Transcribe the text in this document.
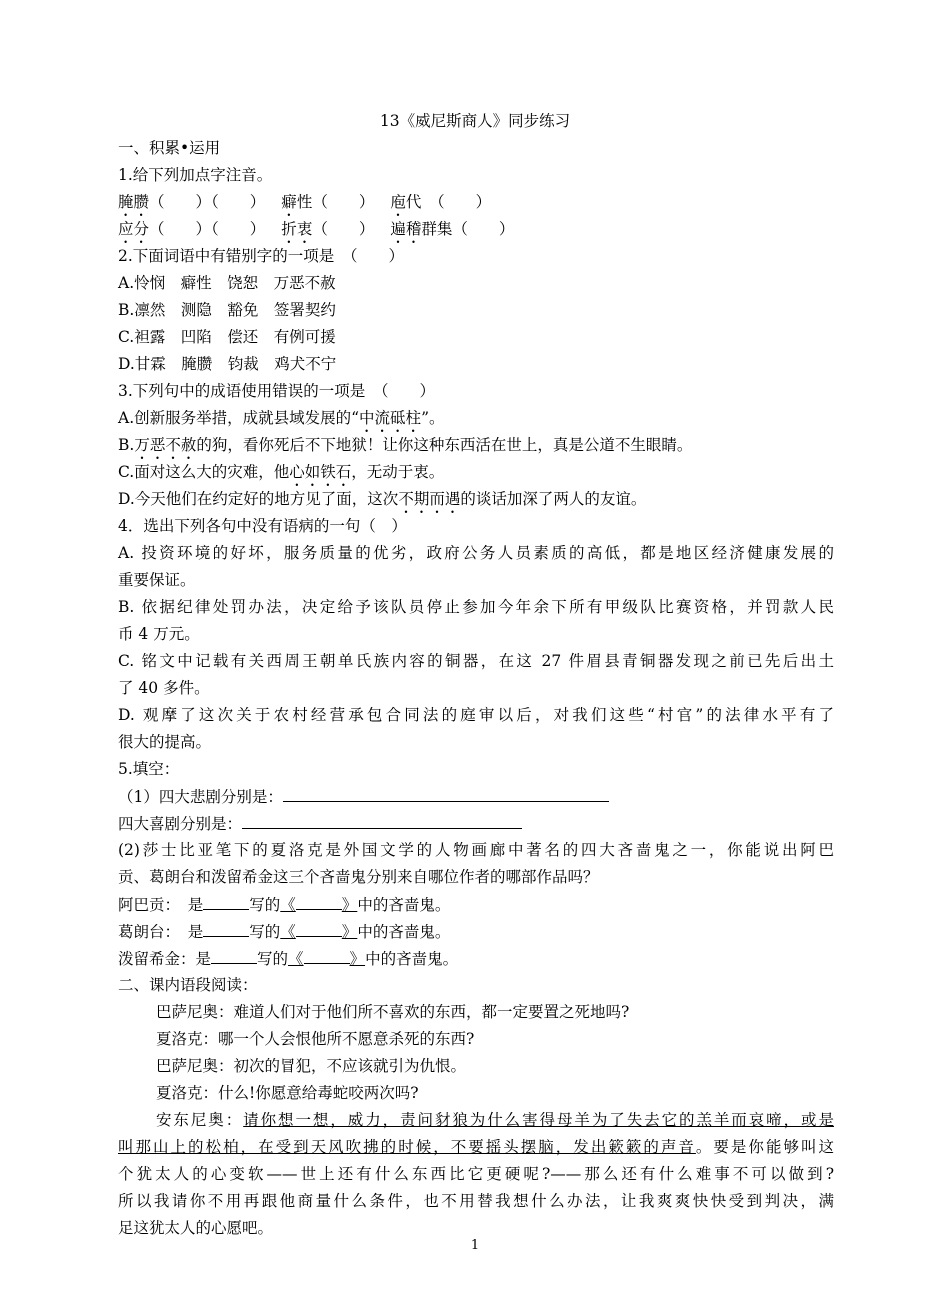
13《威尼斯商人》同步练习
一、积累•运用
1.给下列加点字注音。
腌臜（　　）（　　） 癖性（　　） 庖代　（　　）
应分（　　）（　　） 折衷（　　） 遍稽群集（　　）
2.下面词语中有错别字的一项是　（　　）
A.怜悯　癖性　饶恕　万恶不赦
B.凛然　测隐　豁免　签署契约
C.袒露　凹陷　偿还　有例可援
D.甘霖　腌臜　钧裁　鸡犬不宁
3.下列句中的成语使用错误的一项是　（　　）
A.创新服务举措，成就县域发展的“中流砥柱”。
B.万恶不赦的狗，看你死后不下地狱！让你这种东西活在世上，真是公道不生眼睛。
C.面对这么大的灾难，他心如铁石，无动于衷。
D.今天他们在约定好的地方见了面，这次不期而遇的谈话加深了两人的友谊。
4．选出下列各句中没有语病的一句（　）
A. 投资环境的好坏，服务质量的优劣，政府公务人员素质的高低，都是地区经济健康发展的
重要保证。
B. 依据纪律处罚办法，决定给予该队员停止参加今年余下所有甲级队比赛资格，并罚款人民
币 4 万元。
C. 铭文中记载有关西周王朝单氏族内容的铜器，在这 27 件眉县青铜器发现之前已先后出土
了 40 多件。
D. 观摩了这次关于农村经营承包合同法的庭审以后，对我们这些“村官”的法律水平有了
很大的提高。
5.填空：
（1）四大悲剧分别是：
四大喜剧分别是：
(2)莎士比亚笔下的夏洛克是外国文学的人物画廊中著名的四大吝啬鬼之一，你能说出阿巴
贡、葛朗台和泼留希金这三个吝啬鬼分别来自哪位作者的哪部作品吗？
阿巴贡：　是	写的《	》中的吝啬鬼。
葛朗台：　是	写的《	》中的吝啬鬼。
泼留希金：是	写的《	》中的吝啬鬼。
二、课内语段阅读：
巴萨尼奥：难道人们对于他们所不喜欢的东西，都一定要置之死地吗?
夏洛克：哪一个人会恨他所不愿意杀死的东西?
巴萨尼奥：初次的冒犯，不应该就引为仇恨。
夏洛克：什么!你愿意给毒蛇咬两次吗?
安东尼奥：请你想一想，威力，责问豺狼为什么害得母羊为了失去它的羔羊而哀啼，或是
叫那山上的松柏，在受到天风吹拂的时候，不要摇头摆脑，发出簌簌的声音。要是你能够叫这
个犹太人的心变软——世上还有什么东西比它更硬呢?——那么还有什么难事不可以做到?
所以我请你不用再跟他商量什么条件，也不用替我想什么办法，让我爽爽快快受到判决，满
足这犹太人的心愿吧。
1
